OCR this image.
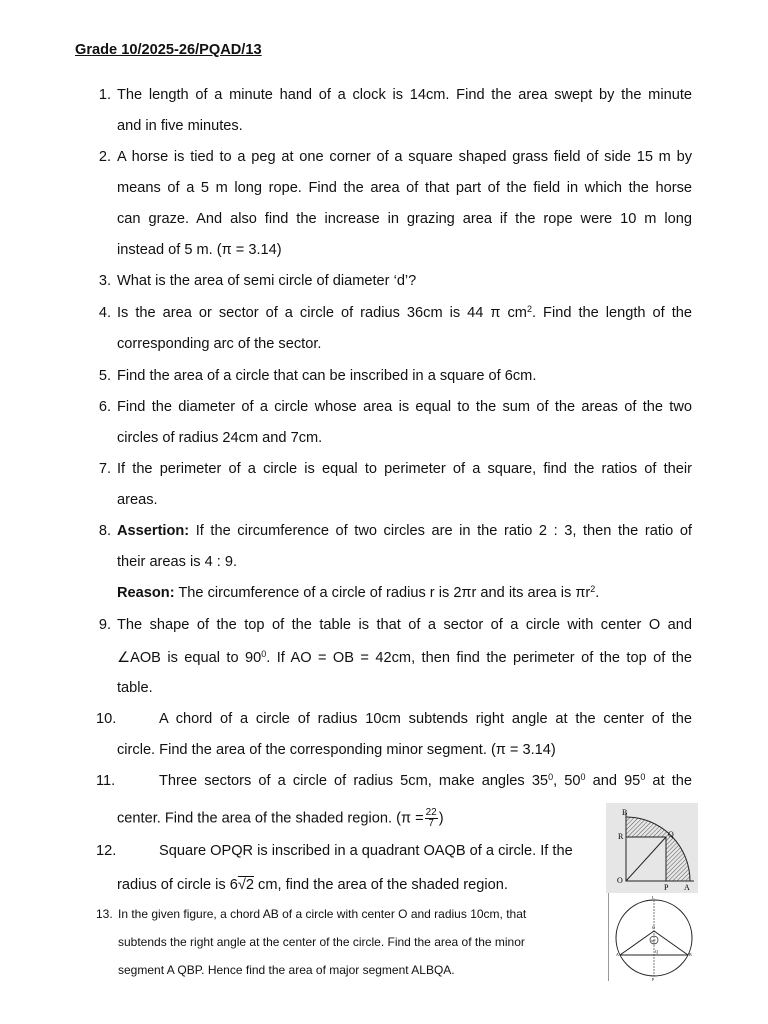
Grade 10/2025-26/PQAD/13
1. The length of a minute hand of a clock is 14cm. Find the area swept by the minute
and in five minutes.
2. A horse is tied to a peg at one corner of a square shaped grass field of side 15 m by
means of a 5 m long rope. Find the area of that part of the field in which the horse
can graze. And also find the increase in grazing area if the rope were 10 m long
instead of 5 m. (π = 3.14)
3. What is the area of semi circle of diameter ‘d’?
4. Is the area or sector of a circle of radius 36cm is 44 π $cm^2$. Find the length of the
corresponding arc of the sector.
5. Find the area of a circle that can be inscribed in a square of 6cm.
6. Find the diameter of a circle whose area is equal to the sum of the areas of the two
circles of radius 24cm and 7cm.
7. If the perimeter of a circle is equal to perimeter of a square, find the ratios of their
areas.
8. Assertion: If the circumference of two circles are in the ratio 2 : 3, then the ratio of
their areas is 4 : 9.
Reason: The circumference of a circle of radius r is 2πr and its area is $\pi r^2$.
9. The shape of the top of the table is that of a sector of a circle with center O and
∠AOB is equal to $90^0$. If AO = OB = 42cm, then find the perimeter of the top of the
table.
10.	A chord of a circle of radius 10cm subtends right angle at the center of the
circle. Find the area of the corresponding minor segment. (π = 3.14)
11.	Three sectors of a circle of radius 5cm, make angles $35^0$, $50^0$ and $95^0$ at the
center. Find the area of the shaded region. ($\pi = \frac{22}{7}$ )
12.	Square OPQR is inscribed in a quadrant OAQB of a circle. If the
radius of circle is 6√2 cm, find the area of the shaded region.
13. In the given figure, a chord AB of a circle with center O and radius 10cm, that
subtends the right angle at the center of the circle. Find the area of the minor
segment A QBP. Hence find the area of major segment ALBQA.
B
R	Q
O
P A
L
O
90°
A	B
Q
P
